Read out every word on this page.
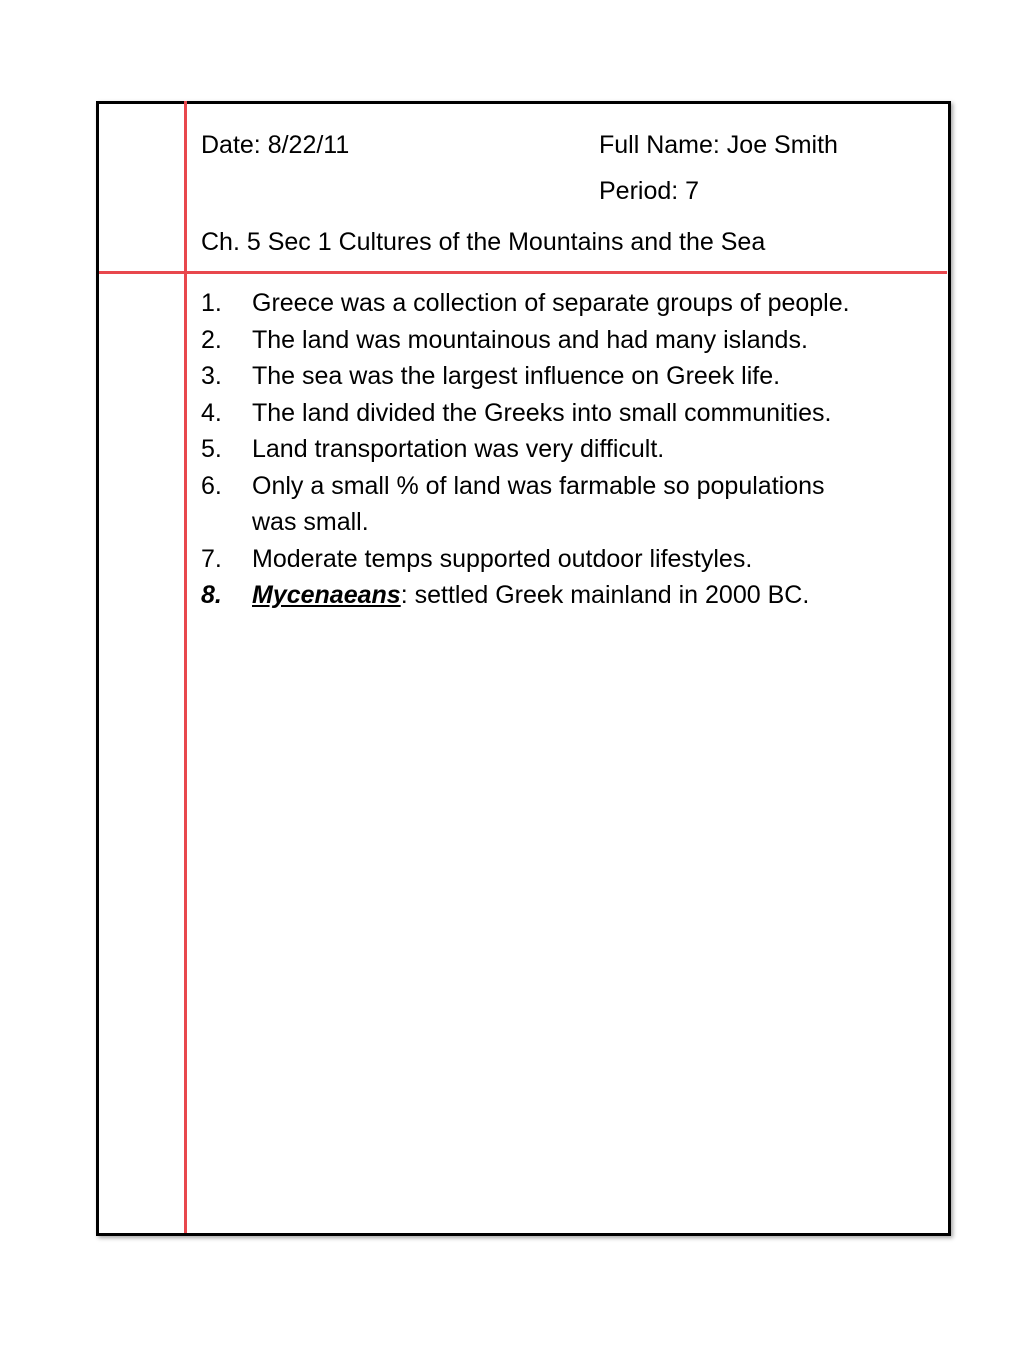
Date: 8/22/11	Full Name: Joe Smith
Period: 7
Ch. 5 Sec 1 Cultures of the Mountains and the Sea
1. Greece was a collection of separate groups of people.
2. The land was mountainous and had many islands.
3. The sea was the largest influence on Greek life.
4. The land divided the Greeks into small communities.
5. Land transportation was very difficult.
6. Only a small % of land was farmable so populations
was small.
7. Moderate temps supported outdoor lifestyles.
8. Mycenaeans: settled Greek mainland in 2000 BC.
